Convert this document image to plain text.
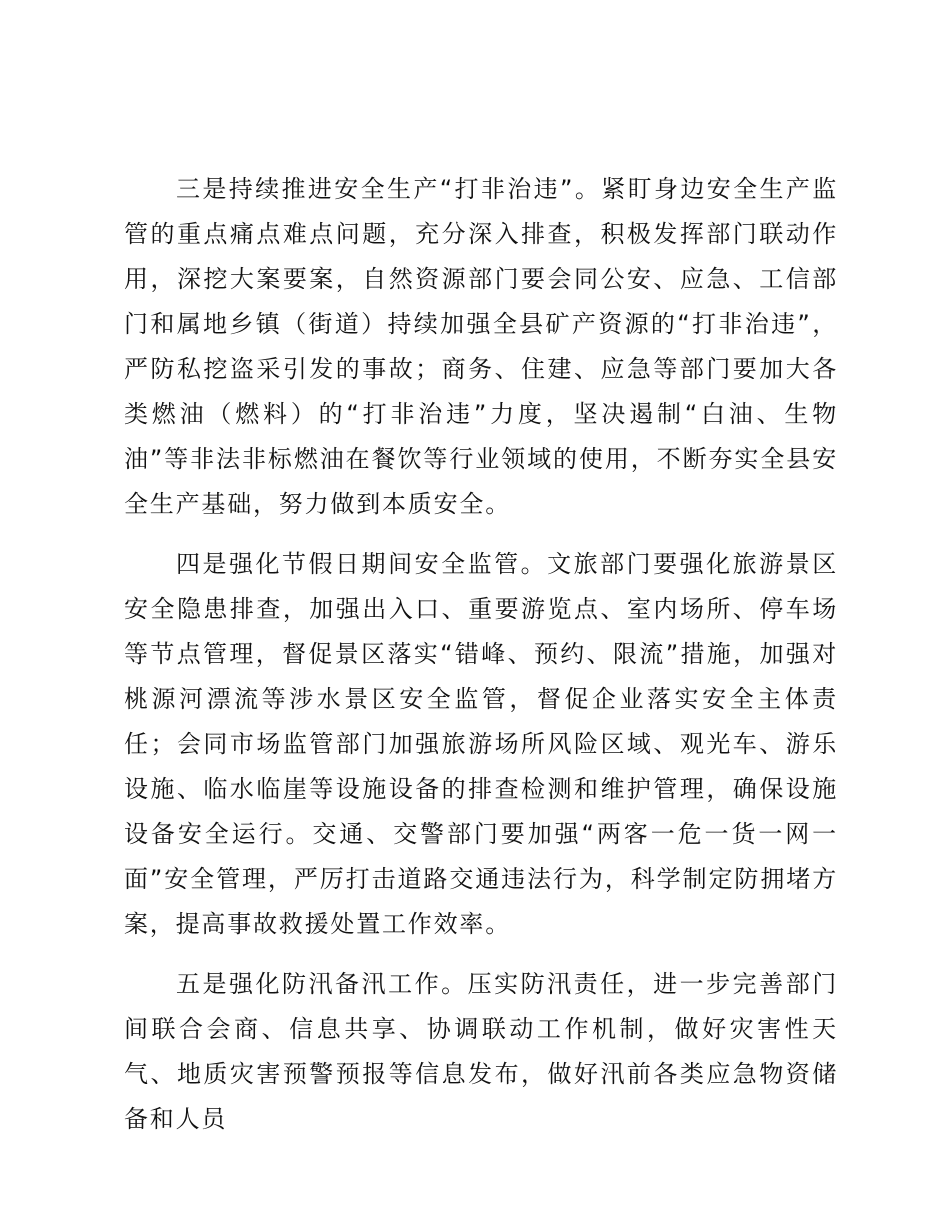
三是持续推进安全生产“打非治违”。紧盯身边安全生产监管的重点痛点难点问题，充分深入排查，积极发挥部门联动作用，深挖大案要案，自然资源部门要会同公安、应急、工信部门和属地乡镇（街道）持续加强全县矿产资源的“打非治违”，严防私挖盗采引发的事故；商务、住建、应急等部门要加大各类燃油（燃料）的“打非治违”力度，坚决遏制“白油、生物油”等非法非标燃油在餐饮等行业领域的使用，不断夯实全县安全生产基础，努力做到本质安全。

四是强化节假日期间安全监管。文旅部门要强化旅游景区安全隐患排查，加强出入口、重要游览点、室内场所、停车场等节点管理，督促景区落实“错峰、预约、限流”措施，加强对桃源河漂流等涉水景区安全监管，督促企业落实安全主体责任；会同市场监管部门加强旅游场所风险区域、观光车、游乐设施、临水临崖等设施设备的排查检测和维护管理，确保设施设备安全运行。交通、交警部门要加强“两客一危一货一网一面”安全管理，严厉打击道路交通违法行为，科学制定防拥堵方案，提高事故救援处置工作效率。

五是强化防汛备汛工作。压实防汛责任，进一步完善部门间联合会商、信息共享、协调联动工作机制，做好灾害性天气、地质灾害预警预报等信息发布，做好汛前各类应急物资储备和人员
